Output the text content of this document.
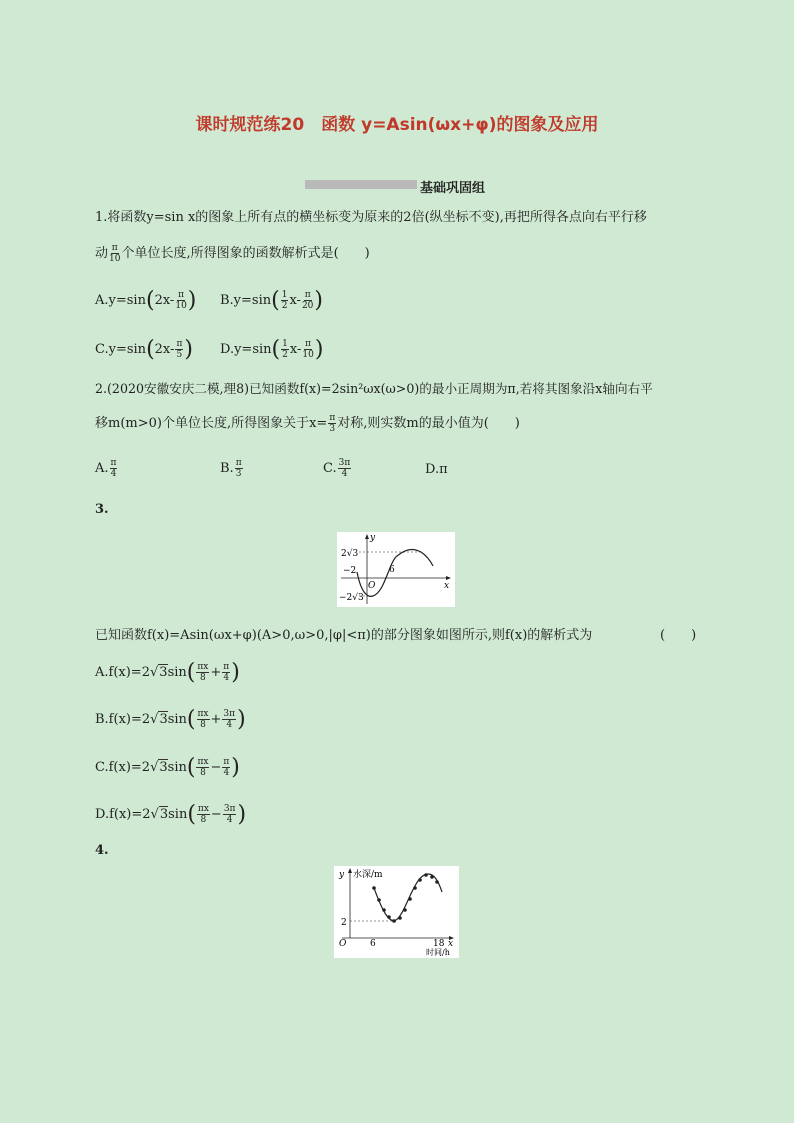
课时规范练20　函数 y=Asin(ωx+φ)的图象及应用
基础巩固组
1.将函数y=sin x的图象上所有点的横坐标变为原来的2倍(纵坐标不变),再把所得各点向右平行移
动 $\frac{\pi}{10}$ 个单位长度,所得图象的函数解析式是(　　)
$A.y=\sin(2x- \frac{\pi}{10}$ ) $B.y=\sin( \frac{1}{2} x- \frac{\pi}{20}$ )
$C.y=\sin(2x- \frac{\pi}{5}$ ) $D.y=\sin( \frac{1}{2} x- \frac{\pi}{10}$ )
2.(2020安徽安庆二模,理8)已知函数f(x)=2sin²ωx(ω>0)的最小正周期为π,若将其图象沿x轴向右平
移m(m>0)个单位长度,所得图象关于$x= \frac{\pi}{3}$ 对称,则实数m的最小值为(　　)
A. $\frac{\pi}{4}$	B. $\frac{\pi}{3}$	C. $\frac{3\pi}{4}$	D.π
3.
y
x
2√3
−2
−2√3
O
6
已知函数f(x)=Asin(ωx+φ)(A>0,ω>0,|φ|<π)的部分图象如图所示,则f(x)的解析式为	(　　)
$A.f(x)=2√3\sin( \frac{\pi x}{8} + \frac{\pi}{4}$ )
$B.f(x)=2√3\sin( \frac{\pi x}{8} + \frac{3\pi}{4}$ )
$C.f(x)=2√3\sin( \frac{\pi x}{8} - \frac{\pi}{4}$ )
$D.f(x)=2√3\sin( \frac{\pi x}{8} - \frac{3\pi}{4}$ )
4.
y 水深/m
2
O	6	18 x
时间/h
